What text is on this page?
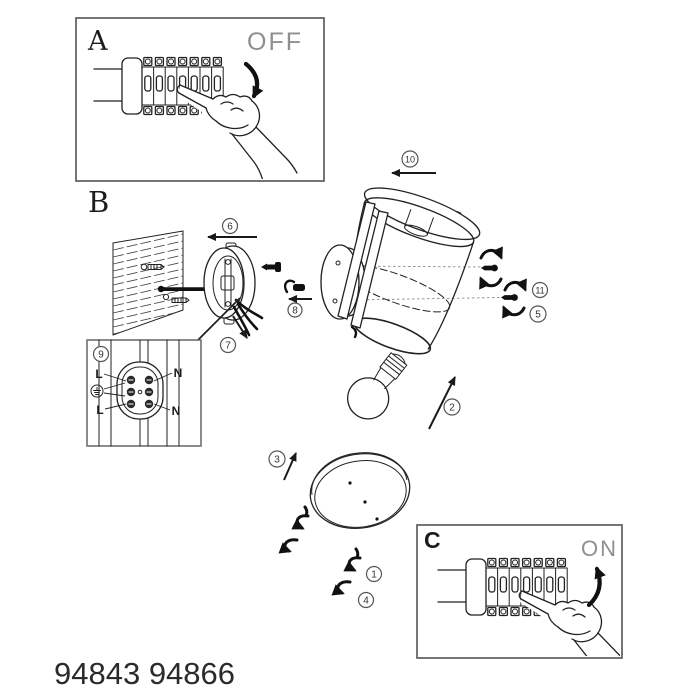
A	OFF
B
L	N
L	N
C	ON
1
2
3
4
5
6
7
8
9
10
11
94843 94866
